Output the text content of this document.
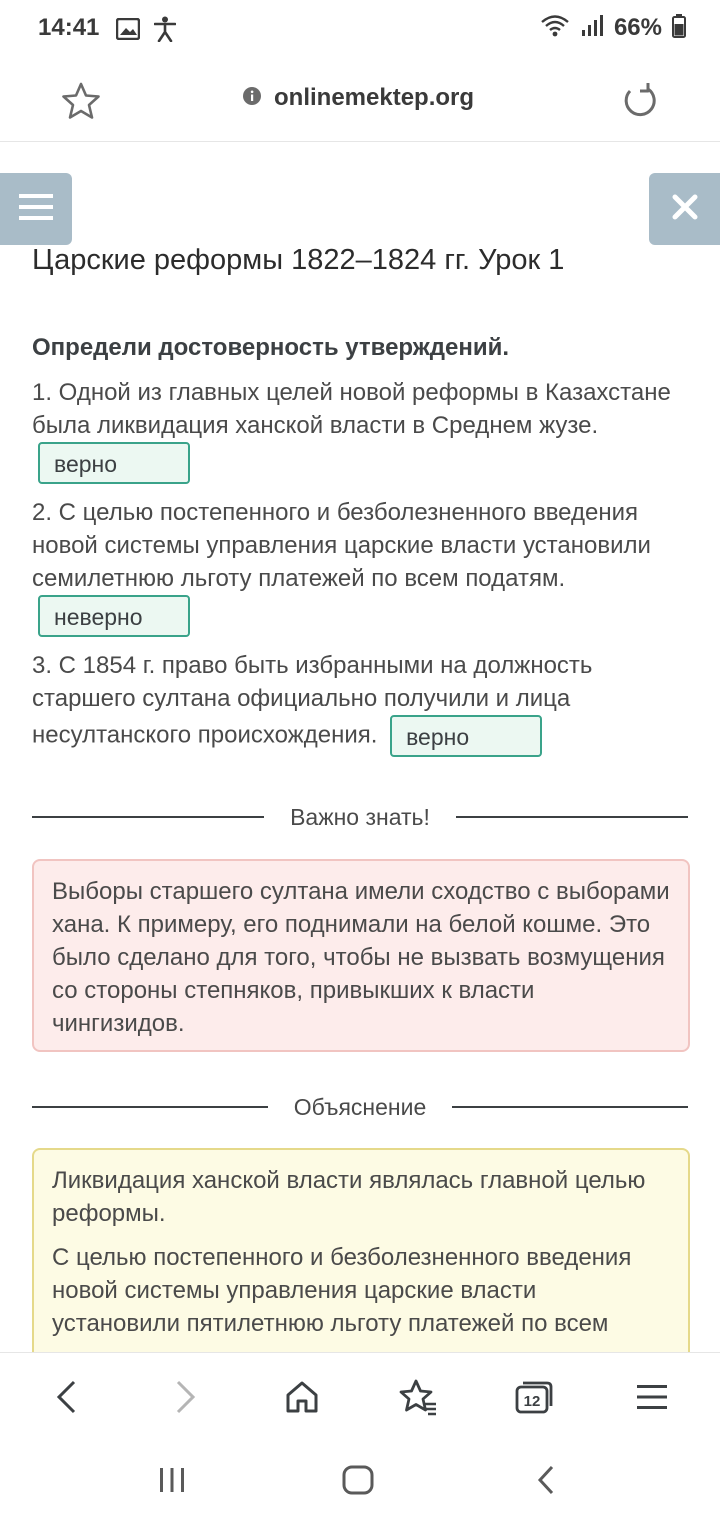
14:41	66%
onlinemektep.org
Царские реформы 1822–1824 гг. Урок 1
Определи достоверность утверждений.
1. Одной из главных целей новой реформы в Казахстане была ликвидация ханской власти в Среднем жузе. верно
2. С целью постепенного и безболезненного введения новой системы управления царские власти установили семилетнюю льготу платежей по всем податям. неверно
3. С 1854 г. право быть избранными на должность старшего султана официально получили и лица несултанского происхождения. верно
Важно знать!
Выборы старшего султана имели сходство с выборами хана. К примеру, его поднимали на белой кошме. Это было сделано для того, чтобы не вызвать возмущения со стороны степняков, привыкших к власти чингизидов.
Объяснение

Ликвидация ханской власти являлась главной целью реформы.

С целью постепенного и безболезненного введения новой системы управления царские власти установили пятилетнюю льготу платежей по всем

12
